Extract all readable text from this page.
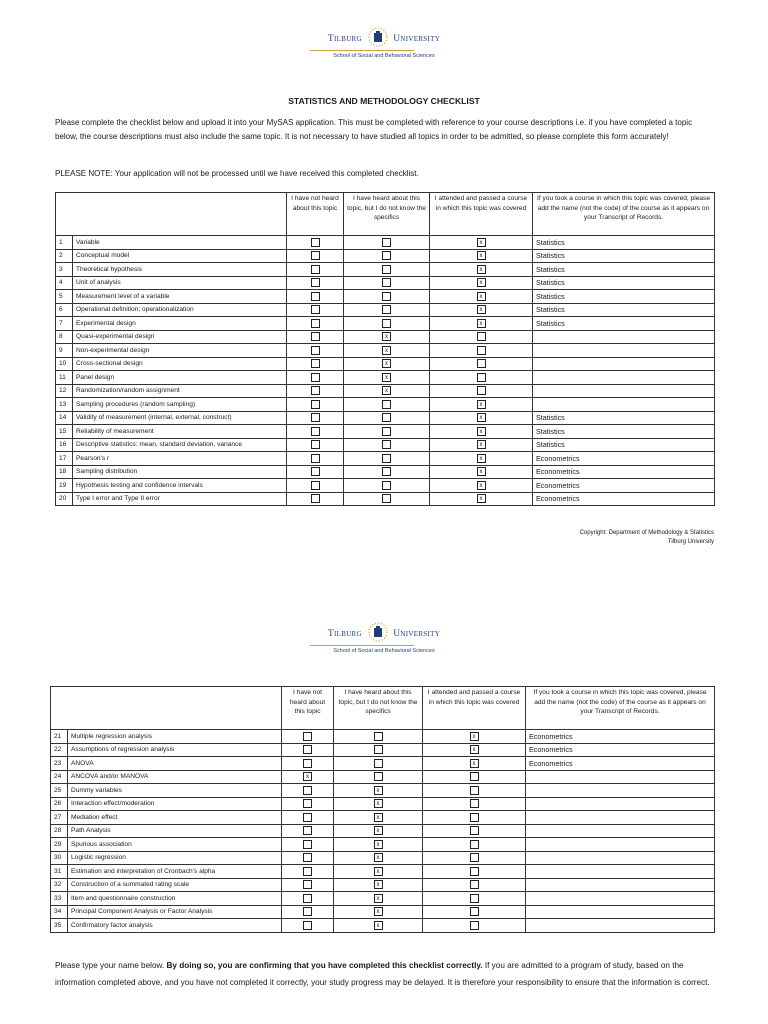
Tilburg	University
School of Social and Behavioral Sciences
STATISTICS AND METHODOLOGY CHECKLIST
Please complete the checklist below and upload it into your MySAS application. This must be completed with reference to your course descriptions i.e. if you have completed a topic below, the course descriptions must also include the same topic. It is not necessary to have studied all topics in order to be admitted, so please complete this form accurately!
PLEASE NOTE: Your application will not be processed until we have received this completed checklist.
		I have not heard about this topic	I have heard about this topic, but I do not know the specifics	I attended and passed a course in which this topic was covered	If you took a course in which this topic was covered, please add the name (not the code) of the course as it appears on your Transcript of Records.
1	Variable			x	Statistics
2	Conceptual model			x	Statistics
3	Theoretical hypothesis			x	Statistics
4	Unit of analysis			x	Statistics
5	Measurement level of a variable			x	Statistics
6	Operational definition; operationalization			x	Statistics
7	Experimental design			x	Statistics
8	Quasi-experimental design		x		
9	Non-experimental design		x		
10	Cross-sectional design		x		
11	Panel design		x		
12	Randomization/random assignment		x		
13	Sampling procedures (random sampling)			x	
14	Validity of measurement (internal, external, construct)			x	Statistics
15	Reliability of measurement			x	Statistics
16	Descriptive statistics: mean, standard deviation, variance			x	Statistics
17	Pearson's r			x	Econometrics
18	Sampling distribution			x	Econometrics
19	Hypothesis testing and confidence intervals			x	Econometrics
20	Type I error and Type II error			x	Econometrics
Copyright: Department of Methodology & Statistics
Tilburg University
Tilburg	University
School of Social and Behavioral Sciences
		I have not heard about this topic	I have heard about this topic, but I do not know the specifics	I attended and passed a course in which this topic was covered	If you took a course in which this topic was covered, please add the name (not the code) of the course as it appears on your Transcript of Records.
21	Multiple regression analysis			x	Econometrics
22	Assumptions of regression analysis			x	Econometrics
23	ANOVA			x	Econometrics
24	ANCOVA and/or MANOVA	x			
25	Dummy variables		x		
26	Interaction effect/moderation		x		
27	Mediation effect		x		
28	Path Analysis		x		
29	Spurious association		x		
30	Logistic regression		x		
31	Estimation and interpretation of Cronbach's alpha		x		
32	Construction of a summated rating scale		x		
33	Item and questionnaire construction		x		
34	Principal Component Analysis or Factor Analysis		x		
35	Confirmatory factor analysis		x		
Please type your name below. By doing so, you are confirming that you have completed this checklist correctly. If you are admitted to a program of study, based on the information completed above, and you have not completed it correctly, your study progress may be delayed. It is therefore your responsibility to ensure that the information is correct.
